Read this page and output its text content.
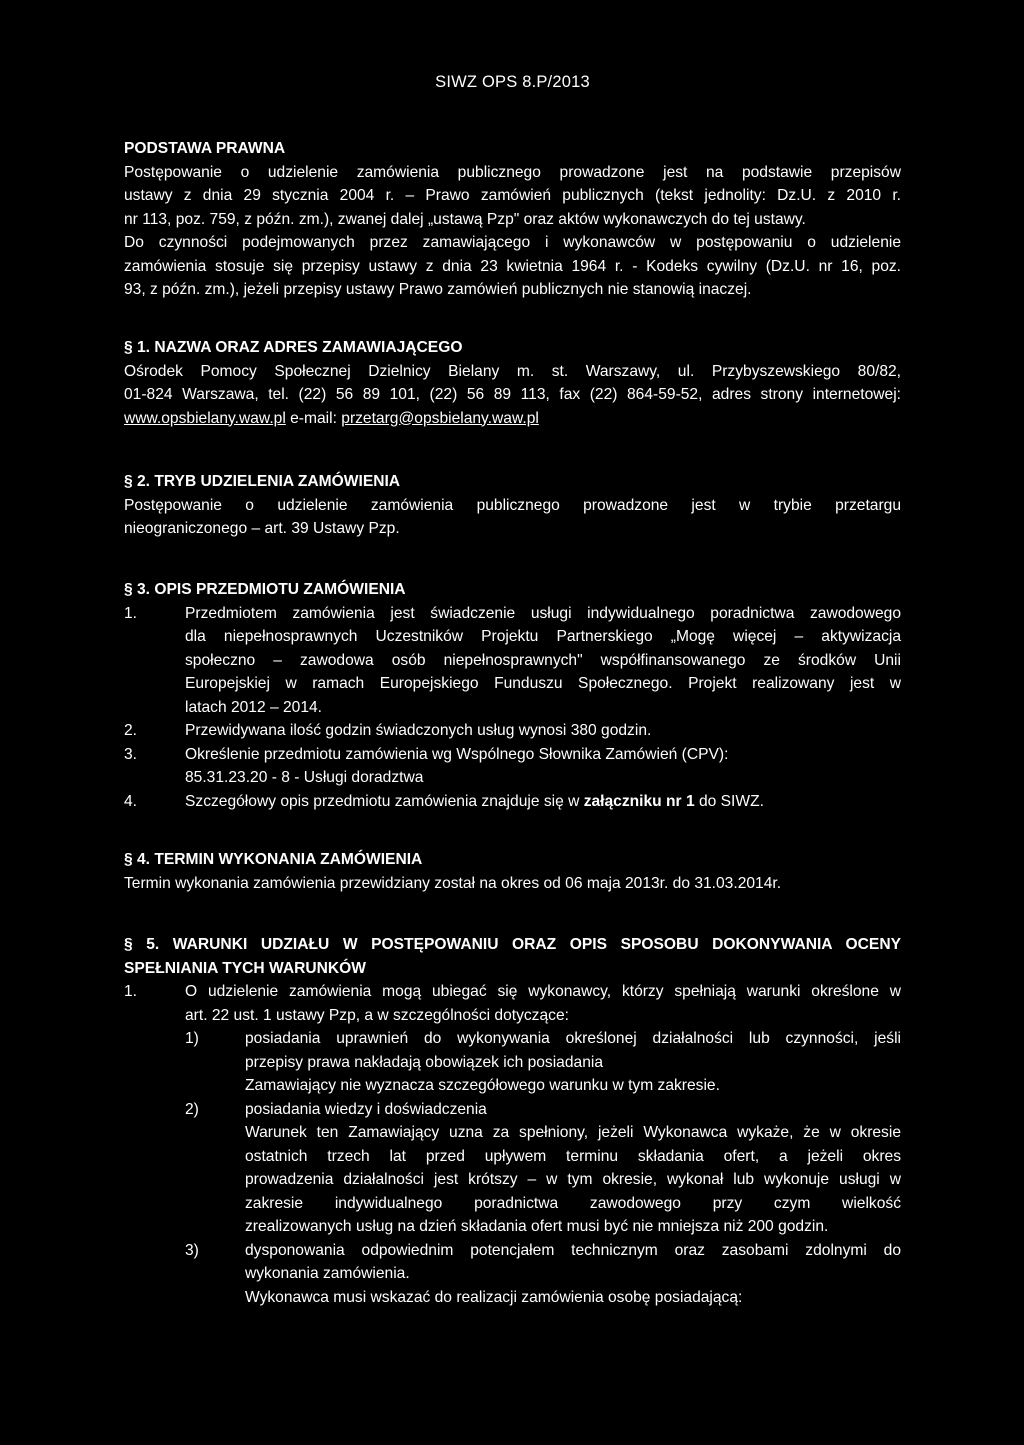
SIWZ OPS 8.P/2013
PODSTAWA PRAWNA
Postępowanie o udzielenie zamówienia publicznego prowadzone jest na podstawie przepisów
ustawy z dnia 29 stycznia 2004 r. – Prawo zamówień publicznych (tekst jednolity: Dz.U. z 2010 r.
nr 113, poz. 759, z późn. zm.), zwanej dalej „ustawą Pzp" oraz aktów wykonawczych do tej ustawy.
Do czynności podejmowanych przez zamawiającego i wykonawców w postępowaniu o udzielenie
zamówienia stosuje się przepisy ustawy z dnia 23 kwietnia 1964 r. - Kodeks cywilny (Dz.U. nr 16, poz.
93, z późn. zm.), jeżeli przepisy ustawy Prawo zamówień publicznych nie stanowią inaczej.
§ 1. NAZWA ORAZ ADRES ZAMAWIAJĄCEGO
Ośrodek Pomocy Społecznej Dzielnicy Bielany m. st. Warszawy, ul. Przybyszewskiego 80/82,
01-824 Warszawa, tel. (22) 56 89 101, (22) 56 89 113, fax (22) 864-59-52, adres strony internetowej:
www.opsbielany.waw.pl e-mail: przetarg@opsbielany.waw.pl
§ 2. TRYB UDZIELENIA ZAMÓWIENIA
Postępowanie o udzielenie zamówienia publicznego prowadzone jest w trybie przetargu
nieograniczonego – art. 39 Ustawy Pzp.
§ 3. OPIS PRZEDMIOTU ZAMÓWIENIA
1.	Przedmiotem zamówienia jest świadczenie usługi indywidualnego poradnictwa zawodowego
dla niepełnosprawnych Uczestników Projektu Partnerskiego „Mogę więcej – aktywizacja
społeczno – zawodowa osób niepełnosprawnych" współfinansowanego ze środków Unii
Europejskiej w ramach Europejskiego Funduszu Społecznego. Projekt realizowany jest w
latach 2012 – 2014.
2.	Przewidywana ilość godzin świadczonych usług wynosi 380 godzin.
3.	Określenie przedmiotu zamówienia wg Wspólnego Słownika Zamówień (CPV):
85.31.23.20 - 8 - Usługi doradztwa
4.	Szczegółowy opis przedmiotu zamówienia znajduje się w załączniku nr 1 do SIWZ.
§ 4. TERMIN WYKONANIA ZAMÓWIENIA
Termin wykonania zamówienia przewidziany został na okres od 06 maja 2013r. do 31.03.2014r.
§ 5. WARUNKI UDZIAŁU W POSTĘPOWANIU ORAZ OPIS SPOSOBU DOKONYWANIA OCENY
SPEŁNIANIA TYCH WARUNKÓW
1.	O udzielenie zamówienia mogą ubiegać się wykonawcy, którzy spełniają warunki określone w
art. 22 ust. 1 ustawy Pzp, a w szczególności dotyczące:
1)	posiadania uprawnień do wykonywania określonej działalności lub czynności, jeśli
przepisy prawa nakładają obowiązek ich posiadania
Zamawiający nie wyznacza szczegółowego warunku w tym zakresie.
2)	posiadania wiedzy i doświadczenia
Warunek ten Zamawiający uzna za spełniony, jeżeli Wykonawca wykaże, że w okresie
ostatnich trzech lat przed upływem terminu składania ofert, a jeżeli okres
prowadzenia działalności jest krótszy – w tym okresie, wykonał lub wykonuje usługi w
zakresie indywidualnego poradnictwa zawodowego przy czym wielkość
zrealizowanych usług na dzień składania ofert musi być nie mniejsza niż 200 godzin.
3)	dysponowania odpowiednim potencjałem technicznym oraz zasobami zdolnymi do
wykonania zamówienia.
Wykonawca musi wskazać do realizacji zamówienia osobę posiadającą:
